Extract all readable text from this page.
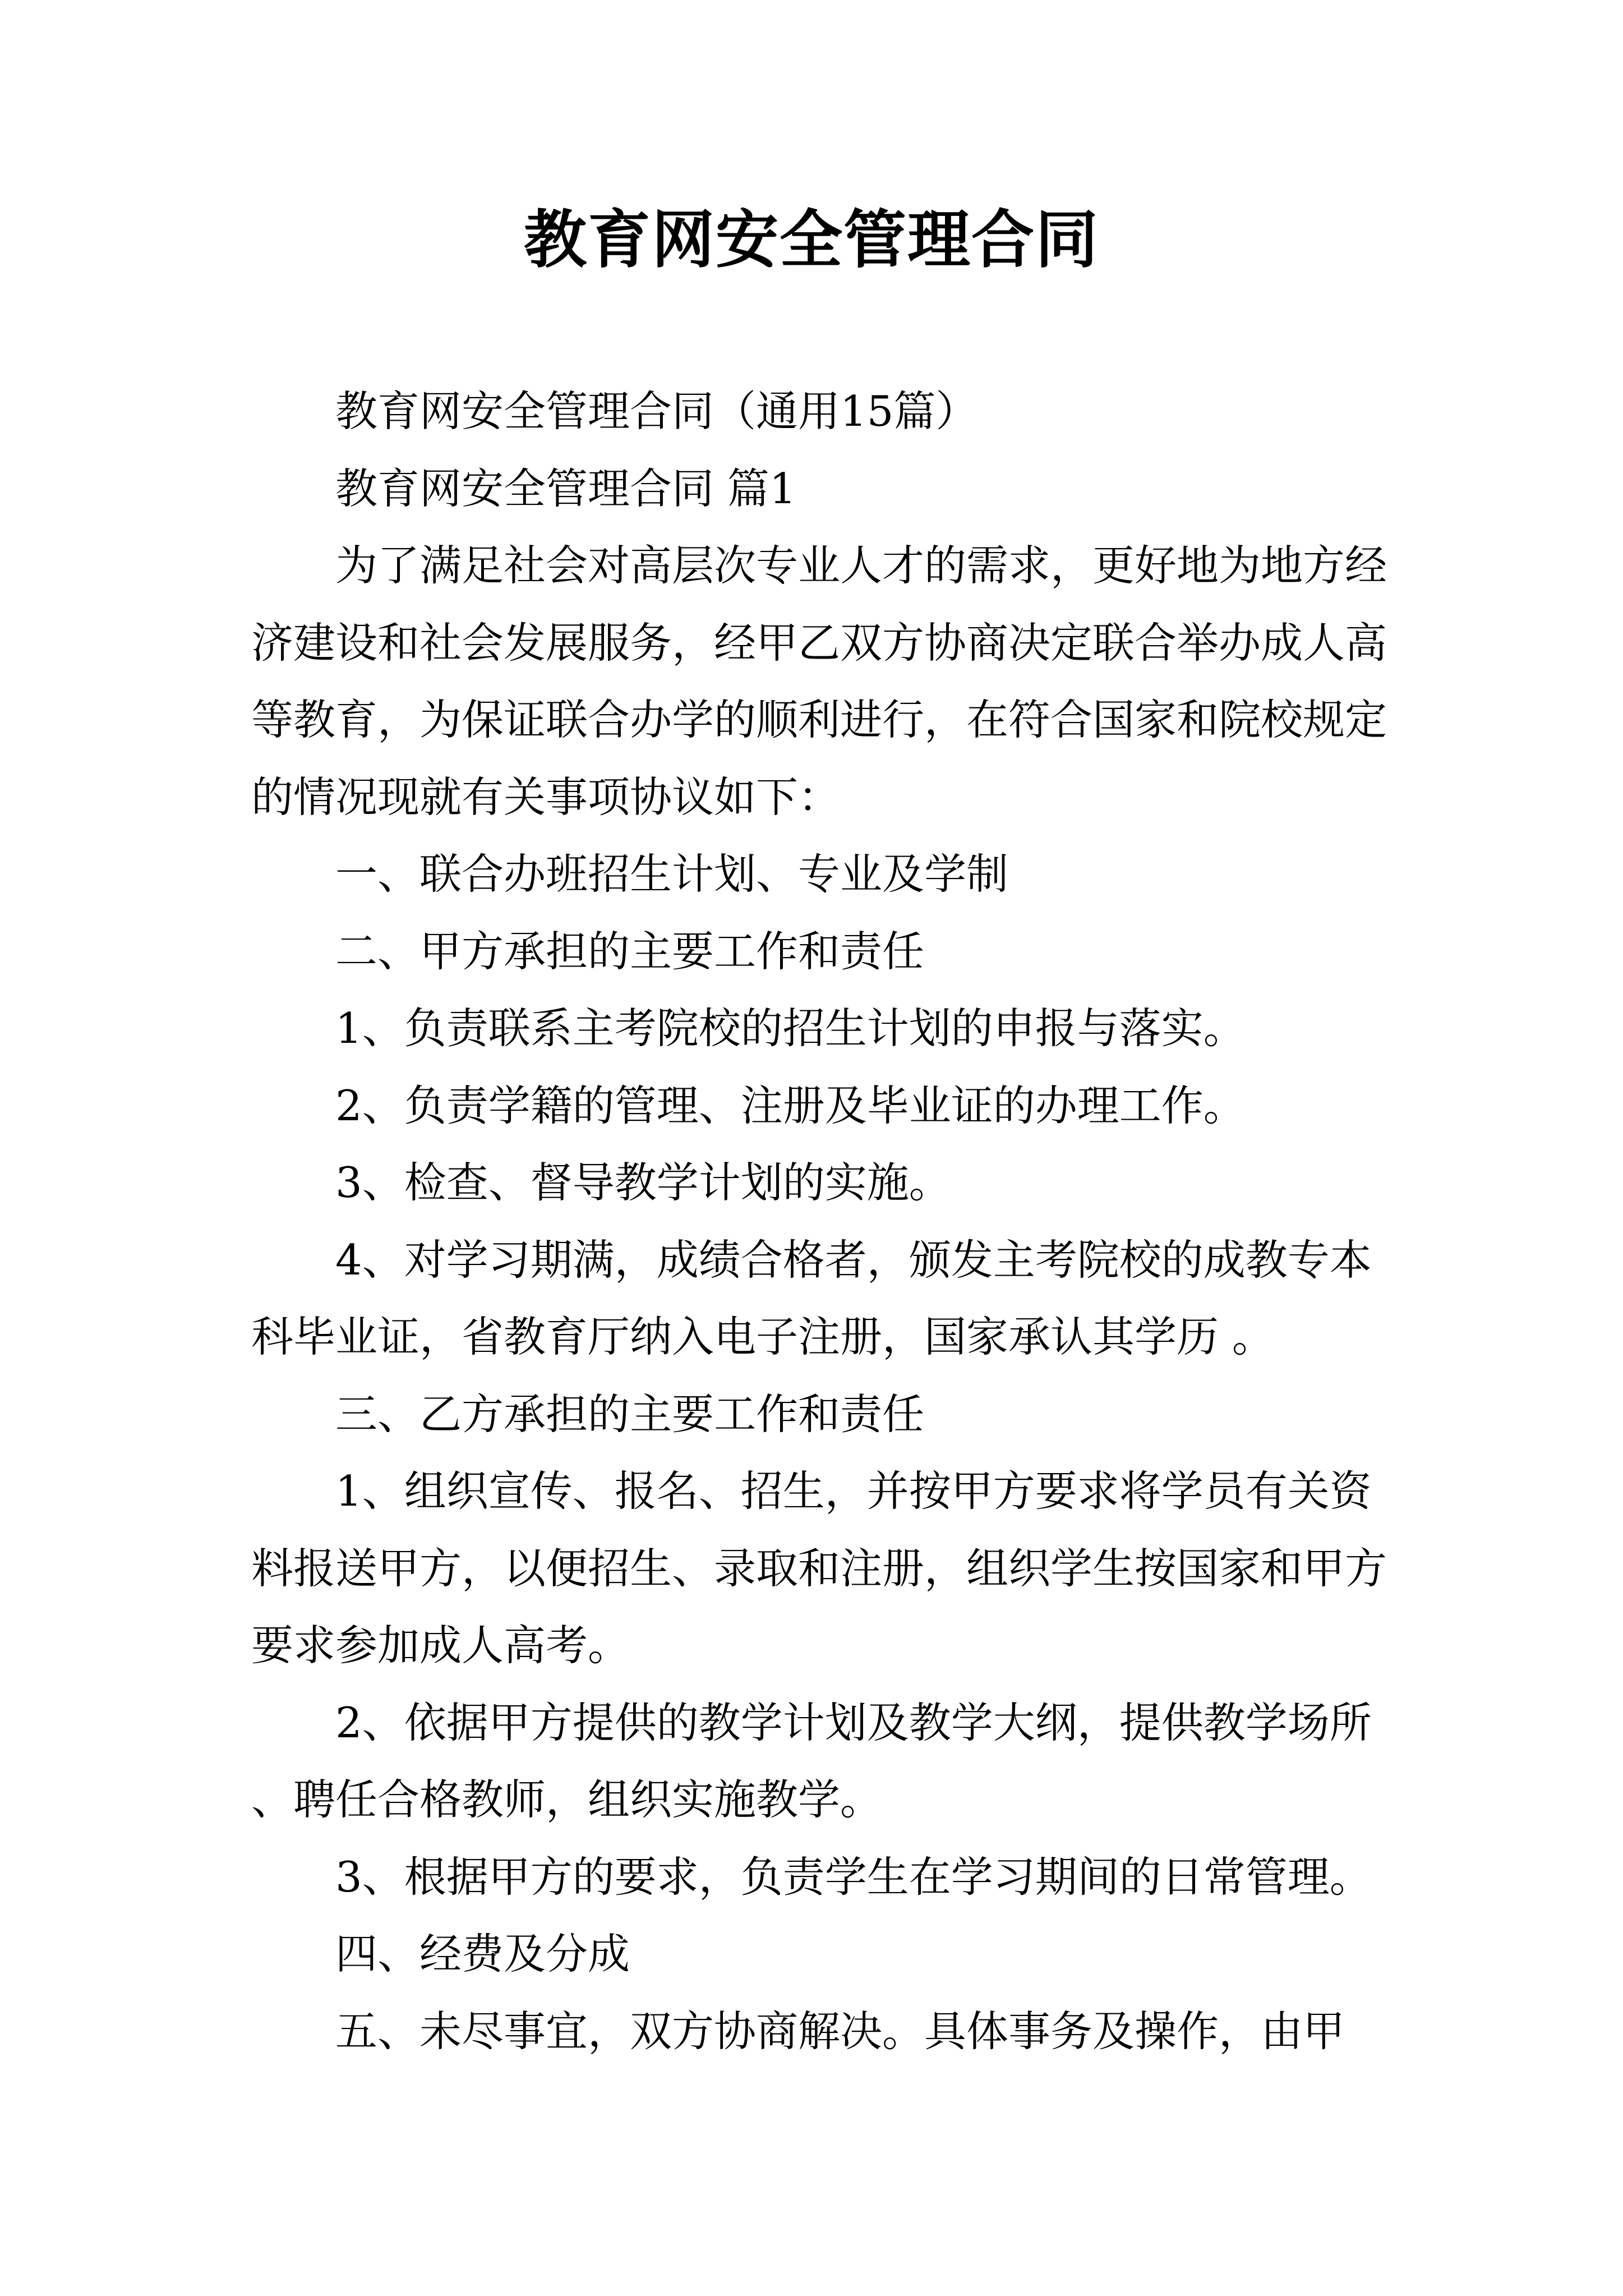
教育网安全管理合同

教育网安全管理合同（通用15篇）

教育网安全管理合同 篇1

为了满足社会对高层次专业人才的需求，更好地为地方经济建设和社会发展服务，经甲乙双方协商决定联合举办成人高等教育，为保证联合办学的顺利进行，在符合国家和院校规定的情况现就有关事项协议如下：

一、联合办班招生计划、专业及学制

二、甲方承担的主要工作和责任

1、负责联系主考院校的招生计划的申报与落实。

2、负责学籍的管理、注册及毕业证的办理工作。

3、检查、督导教学计划的实施。

4、对学习期满，成绩合格者，颁发主考院校的成教专本科毕业证，省教育厅纳入电子注册，国家承认其学历 。

三、乙方承担的主要工作和责任

1、组织宣传、报名、招生，并按甲方要求将学员有关资料报送甲方，以便招生、录取和注册，组织学生按国家和甲方要求参加成人高考。

2、依据甲方提供的教学计划及教学大纲，提供教学场所、聘任合格教师，组织实施教学。

3、根据甲方的要求，负责学生在学习期间的日常管理。

四、经费及分成

五、未尽事宜，双方协商解决。具体事务及操作，由甲
